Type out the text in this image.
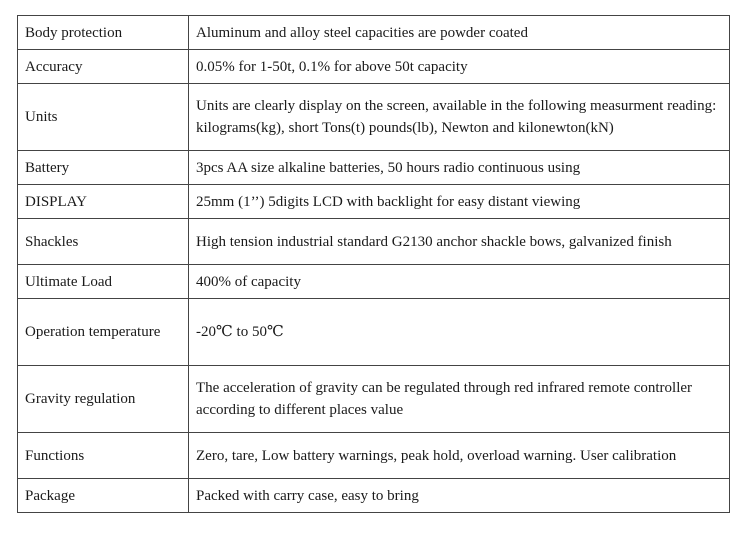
Body protection	Aluminum and alloy steel capacities are powder coated
Accuracy	0.05% for 1-50t, 0.1% for above 50t capacity
Units	Units are clearly display on the screen, available in the following measurment reading: kilograms(kg), short Tons(t) pounds(lb), Newton and kilonewton(kN)
Battery	3pcs AA size alkaline batteries, 50 hours radio continuous using
DISPLAY	25mm (1’’) 5digits LCD with backlight for easy distant viewing
Shackles	High tension industrial standard G2130 anchor shackle bows, galvanized finish
Ultimate Load	400% of capacity
Operation temperature	-20℃ to 50℃
Gravity regulation	The acceleration of gravity can be regulated through red infrared remote controller according to different places value
Functions	Zero, tare, Low battery warnings, peak hold, overload warning. User calibration
Package	Packed with carry case, easy to bring
